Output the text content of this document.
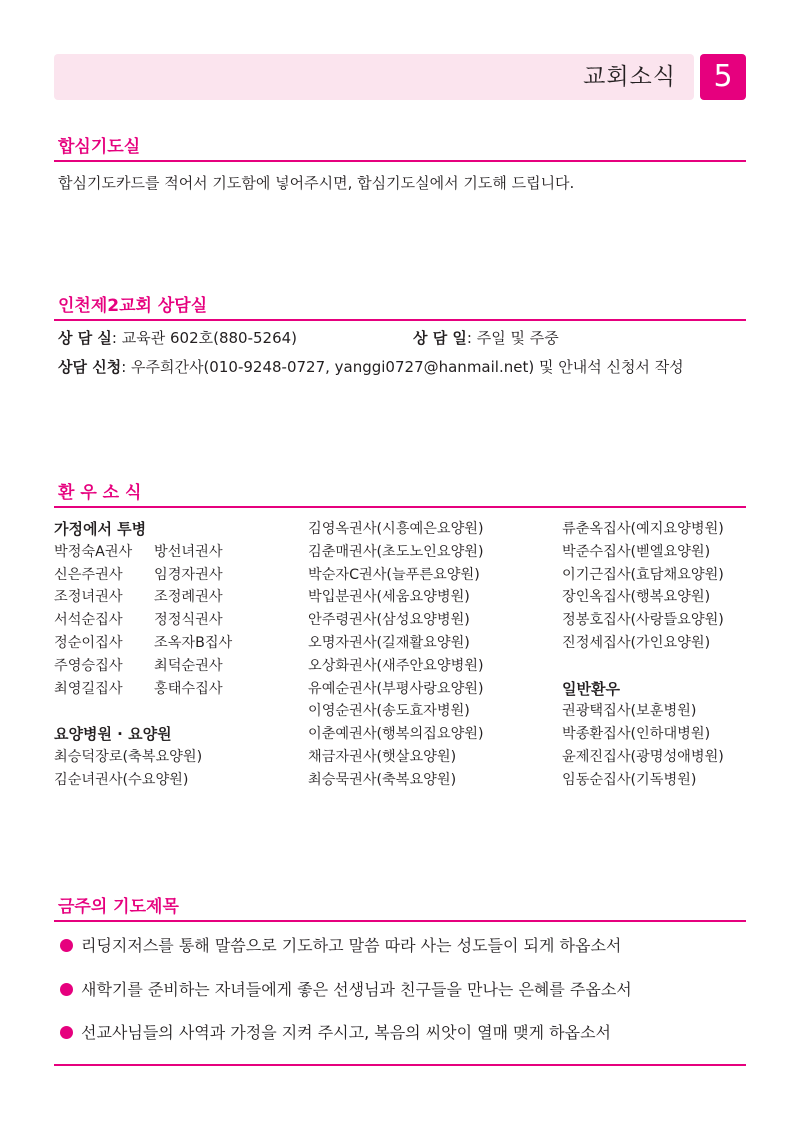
교회소식	5
합심기도실
합심기도카드를 적어서 기도함에 넣어주시면, 합심기도실에서 기도해 드립니다.
인천제2교회 상담실
상 담 실: 교육관 602호(880-5264)	상 담 일: 주일 및 주중
상담 신청: 우주희간사(010-9248-0727, yanggi0727@hanmail.net) 및 안내석 신청서 작성
환 우 소 식
가정에서 투병
박정숙A권사 방선녀권사
신은주권사 임경자권사
조정녀권사 조정례권사
서석순집사 정정식권사
정순이집사 조옥자B집사
주영승집사 최덕순권사
최영길집사 홍태수집사
요양병원 · 요양원
최승덕장로(축복요양원)
김순녀권사(수요양원)
김영옥권사(시흥예은요양원)
김춘매권사(초도노인요양원)
박순자C권사(늘푸른요양원)
박입분권사(세움요양병원)
안주령권사(삼성요양병원)
오명자권사(길재활요양원)
오상화권사(새주안요양병원)
유예순권사(부평사랑요양원)
이영순권사(송도효자병원)
이춘예권사(행복의집요양원)
채금자권사(햇살요양원)
최승묵권사(축복요양원)
류춘옥집사(예지요양병원)
박준수집사(벧엘요양원)
이기근집사(효담채요양원)
장인옥집사(행복요양원)
정봉호집사(사랑뜰요양원)
진정세집사(가인요양원)
일반환우
권광택집사(보훈병원)
박종환집사(인하대병원)
윤제진집사(광명성애병원)
임동순집사(기독병원)
금주의 기도제목
리딩지저스를 통해 말씀으로 기도하고 말씀 따라 사는 성도들이 되게 하옵소서
새학기를 준비하는 자녀들에게 좋은 선생님과 친구들을 만나는 은혜를 주옵소서
선교사님들의 사역과 가정을 지켜 주시고, 복음의 씨앗이 열매 맺게 하옵소서
